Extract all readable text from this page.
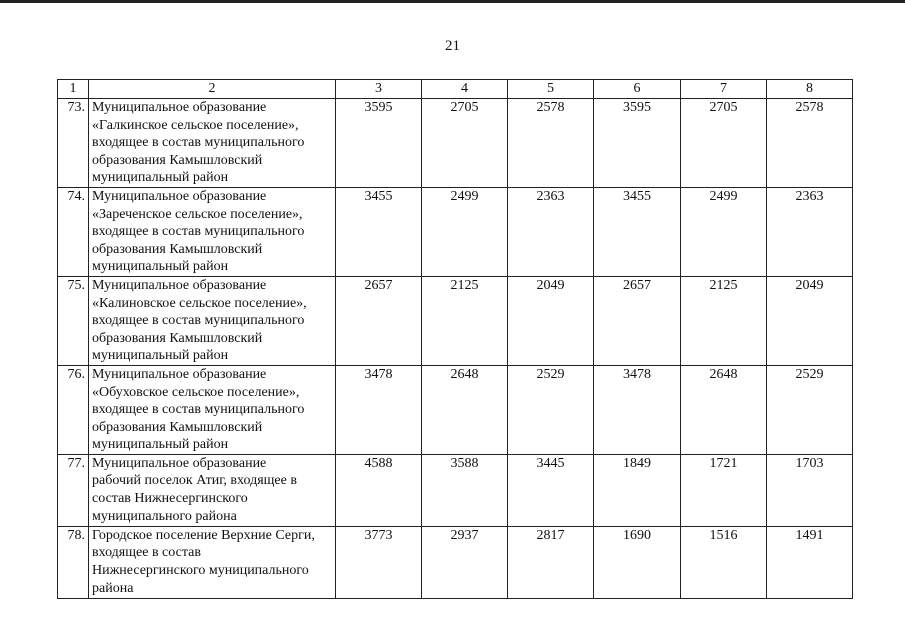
21
1	2	3	4	5	6	7	8
73.	Муниципальное образование
«Галкинское сельское поселение»,
входящее в состав муниципального
образования Камышловский
муниципальный район	3595	2705	2578	3595	2705	2578
74.	Муниципальное образование
«Зареченское сельское поселение»,
входящее в состав муниципального
образования Камышловский
муниципальный район	3455	2499	2363	3455	2499	2363
75.	Муниципальное образование
«Калиновское сельское поселение»,
входящее в состав муниципального
образования Камышловский
муниципальный район	2657	2125	2049	2657	2125	2049
76.	Муниципальное образование
«Обуховское сельское поселение»,
входящее в состав муниципального
образования Камышловский
муниципальный район	3478	2648	2529	3478	2648	2529
77.	Муниципальное образование
рабочий поселок Атиг, входящее в
состав Нижнесергинского
муниципального района	4588	3588	3445	1849	1721	1703
78.	Городское поселение Верхние Серги,
входящее в состав
Нижнесергинского муниципального
района	3773	2937	2817	1690	1516	1491
